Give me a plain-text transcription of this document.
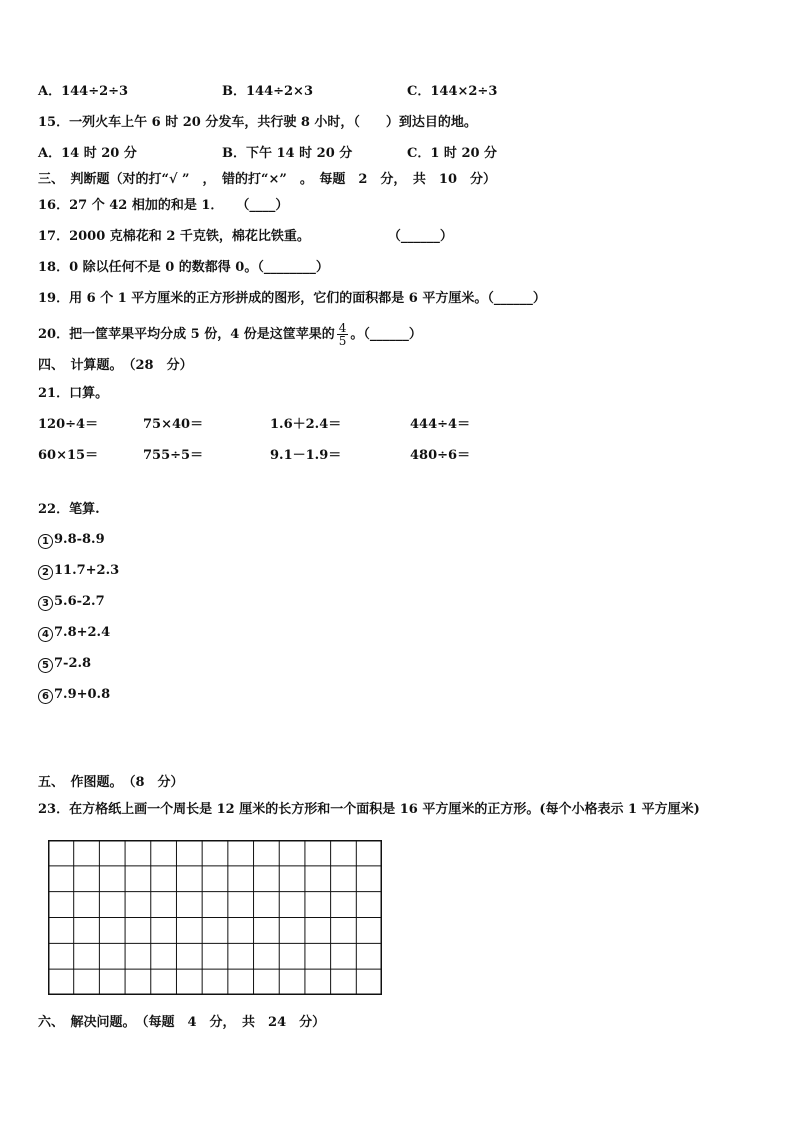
A．144÷2÷3	B．144÷2×3	C．144×2÷3
15．一列火车上午 6 时 20 分发车，共行驶 8 小时，（　　）到达目的地。
A．14 时 20 分	B．下午 14 时 20 分	C．1 时 20 分
三、　判断题（对的打“√ ”　，　错的打“×”　。　每题　2　分，　共　10　分）
16．27 个 42 相加的和是 1．　　（____）
17．2000 克棉花和 2 千克铁，棉花比铁重。　　　　　　　（______）
18．0 除以任何不是 0 的数都得 0。（________）
19．用 6 个 1 平方厘米的正方形拼成的图形，它们的面积都是 6 平方厘米。（______）
20．把一筐苹果平均分成 5 份，4 份是这筐苹果的 $\frac{4}{5}$ 。（______）
四、　计算题。　（28　分）
21．口算。
120÷4＝	75×40＝	1.6＋2.4＝	444÷4＝
60×15＝	755÷5＝	9.1－1.9＝	480÷6＝
22．笔算.
1 9.8-8.9
2 11.7+2.3
3 5.6-2.7
4 7.8+2.4
5 7-2.8
6 7.9+0.8
五、　作图题。　（8　分）
23．在方格纸上画一个周长是 12 厘米的长方形和一个面积是 16 平方厘米的正方形。(每个小格表示 1 平方厘米)
六、　解决问题。　（每题　4　分，　共　24　分）
